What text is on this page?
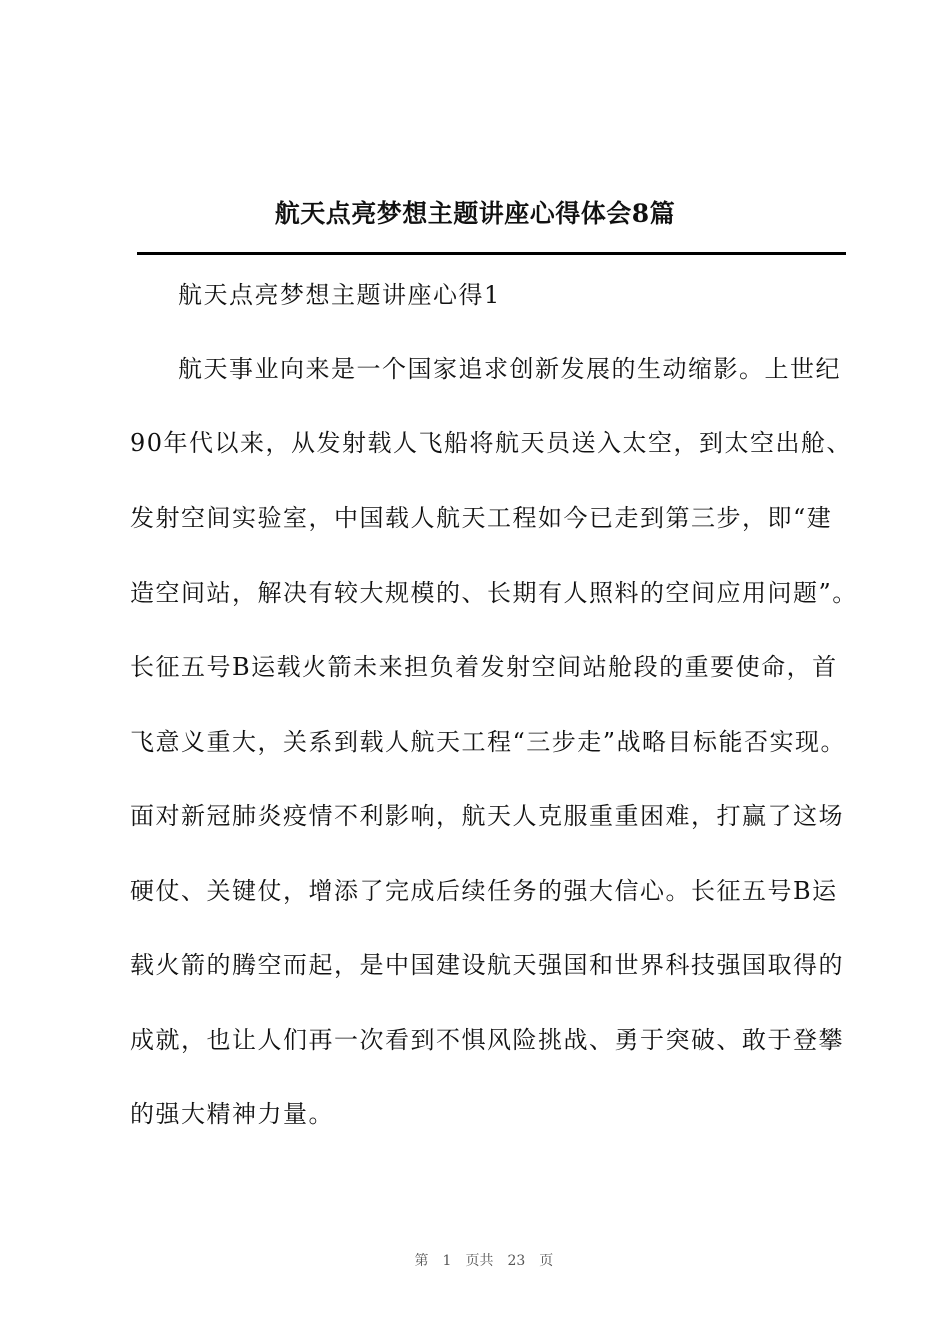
航天点亮梦想主题讲座心得体会8篇
航天点亮梦想主题讲座心得1
航天事业向来是一个国家追求创新发展的生动缩影。上世纪
90年代以来，从发射载人飞船将航天员送入太空，到太空出舱、
发射空间实验室，中国载人航天工程如今已走到第三步，即“建
造空间站，解决有较大规模的、长期有人照料的空间应用问题”。
长征五号B运载火箭未来担负着发射空间站舱段的重要使命，首
飞意义重大，关系到载人航天工程“三步走”战略目标能否实现。
面对新冠肺炎疫情不利影响，航天人克服重重困难，打赢了这场
硬仗、关键仗，增添了完成后续任务的强大信心。长征五号B运
载火箭的腾空而起，是中国建设航天强国和世界科技强国取得的
成就，也让人们再一次看到不惧风险挑战、勇于突破、敢于登攀
的强大精神力量。

第 1 页共 23 页
